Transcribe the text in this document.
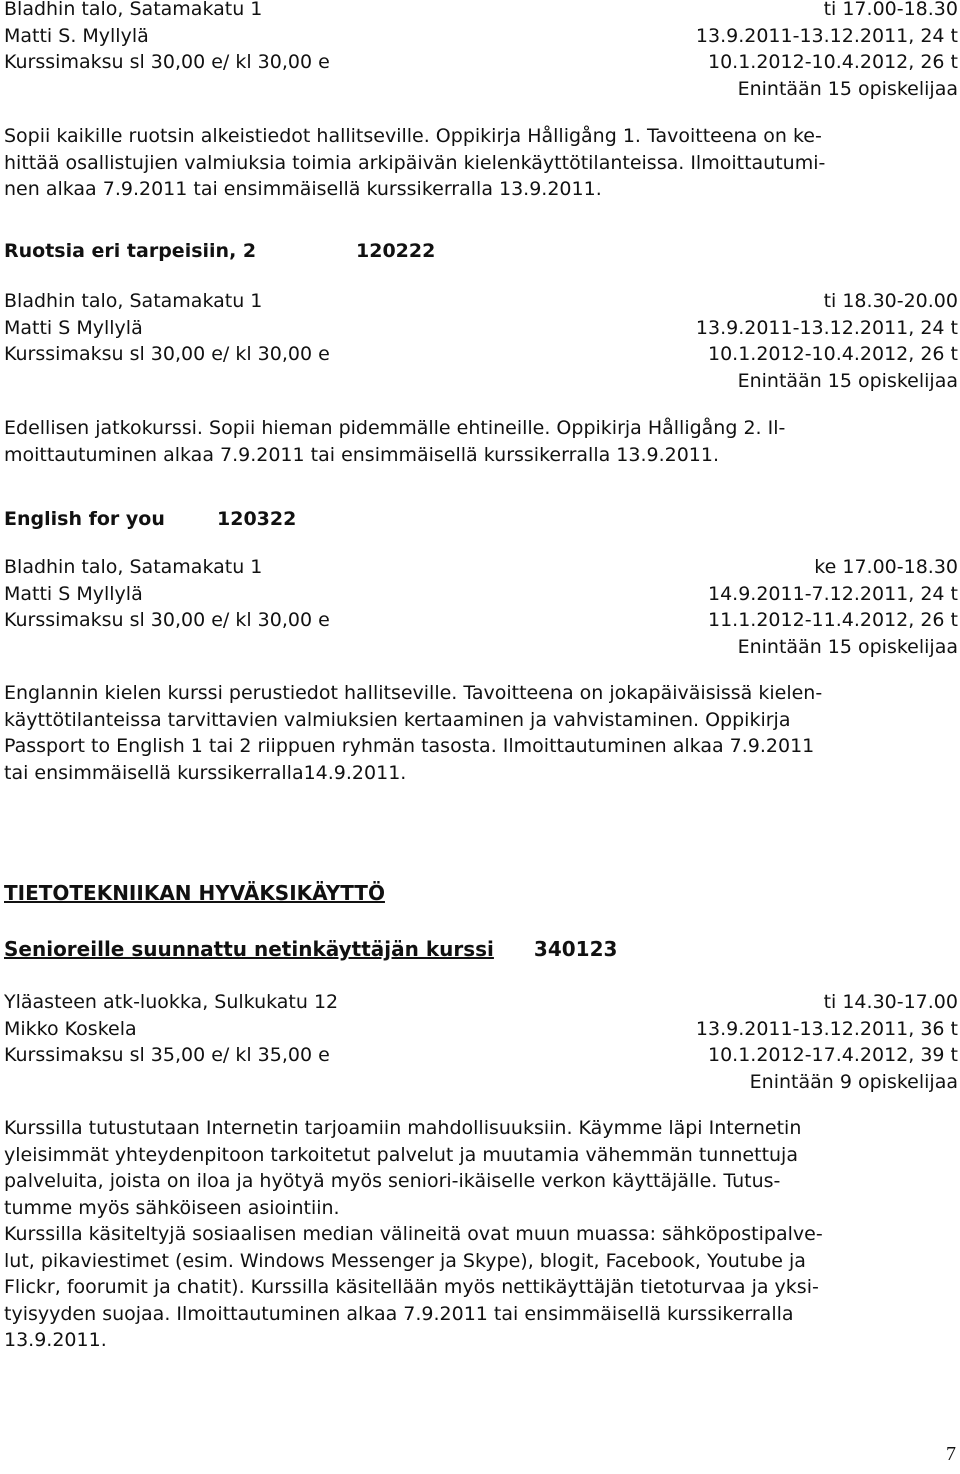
Bladhin talo, Satamakatu 1	ti 17.00-18.30
Matti S. Myllylä	13.9.2011-13.12.2011, 24 t
Kurssimaksu sl 30,00 e/ kl 30,00 e	10.1.2012-10.4.2012, 26 t
Enintään 15 opiskelijaa
Sopii kaikille ruotsin alkeistiedot hallitseville. Oppikirja Hålligång 1. Tavoitteena on ke-
hittää osallistujien valmiuksia toimia arkipäivän kielenkäyttötilanteissa. Ilmoittautumi-
nen alkaa 7.9.2011 tai ensimmäisellä kurssikerralla 13.9.2011.
Ruotsia eri tarpeisiin, 2	120222
Bladhin talo, Satamakatu 1	ti 18.30-20.00
Matti S Myllylä	13.9.2011-13.12.2011, 24 t
Kurssimaksu sl 30,00 e/ kl 30,00 e	10.1.2012-10.4.2012, 26 t
Enintään 15 opiskelijaa
Edellisen jatkokurssi. Sopii hieman pidemmälle ehtineille. Oppikirja Hålligång 2. Il-
moittautuminen alkaa 7.9.2011 tai ensimmäisellä kurssikerralla 13.9.2011.
English for you	120322
Bladhin talo, Satamakatu 1	ke 17.00-18.30
Matti S Myllylä	14.9.2011-7.12.2011, 24 t
Kurssimaksu sl 30,00 e/ kl 30,00 e	11.1.2012-11.4.2012, 26 t
Enintään 15 opiskelijaa
Englannin kielen kurssi perustiedot hallitseville. Tavoitteena on jokapäiväisissä kielen-
käyttötilanteissa tarvittavien valmiuksien kertaaminen ja vahvistaminen. Oppikirja
Passport to English 1 tai 2 riippuen ryhmän tasosta. Ilmoittautuminen alkaa 7.9.2011
tai ensimmäisellä kurssikerralla14.9.2011.
TIETOTEKNIIKAN HYVÄKSIKÄYTTÖ
Senioreille suunnattu netinkäyttäjän kurssi 340123
Yläasteen atk-luokka, Sulkukatu 12	ti 14.30-17.00
Mikko Koskela	13.9.2011-13.12.2011, 36 t
Kurssimaksu sl 35,00 e/ kl 35,00 e	10.1.2012-17.4.2012, 39 t
Enintään 9 opiskelijaa
Kurssilla tutustutaan Internetin tarjoamiin mahdollisuuksiin. Käymme läpi Internetin
yleisimmät yhteydenpitoon tarkoitetut palvelut ja muutamia vähemmän tunnettuja
palveluita, joista on iloa ja hyötyä myös seniori-ikäiselle verkon käyttäjälle. Tutus-
tumme myös sähköiseen asiointiin.
Kurssilla käsiteltyjä sosiaalisen median välineitä ovat muun muassa: sähköpostipalve-
lut, pikaviestimet (esim. Windows Messenger ja Skype), blogit, Facebook, Youtube ja
Flickr, foorumit ja chatit). Kurssilla käsitellään myös nettikäyttäjän tietoturvaa ja yksi-
tyisyyden suojaa. Ilmoittautuminen alkaa 7.9.2011 tai ensimmäisellä kurssikerralla
13.9.2011.
7
